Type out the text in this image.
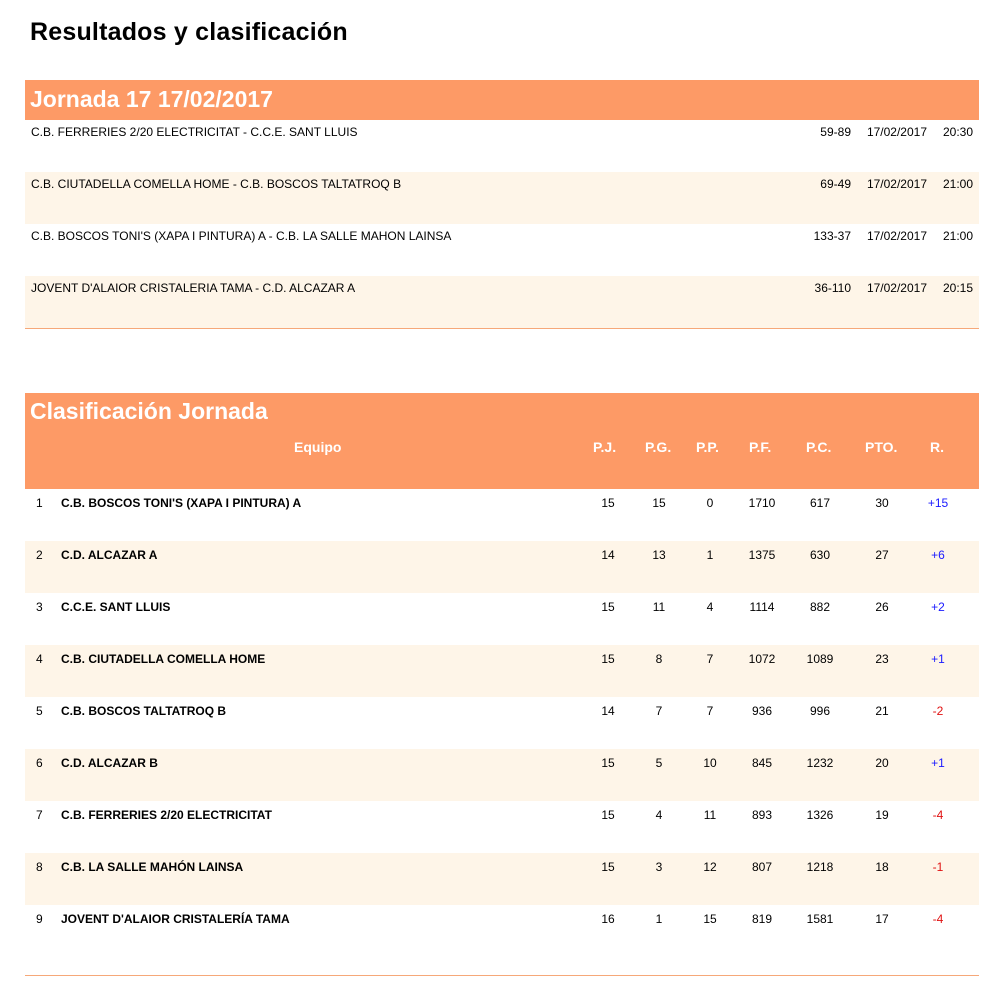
Resultados y clasificación
Jornada 17 17/02/2017
C.B. FERRERIES 2/20 ELECTRICITAT - C.C.E. SANT LLUIS	59-89 17/02/2017 20:30
C.B. CIUTADELLA COMELLA HOME - C.B. BOSCOS TALTATROQ B	69-49 17/02/2017 21:00
C.B. BOSCOS TONI'S (XAPA I PINTURA) A - C.B. LA SALLE MAHON LAINSA	133-37 17/02/2017 21:00
JOVENT D'ALAIOR CRISTALERIA TAMA - C.D. ALCAZAR A	36-110 17/02/2017 20:15
Clasificación Jornada
Equipo	P.J. P.G. P.P. P.F. P.C. PTO. R.
1 C.B. BOSCOS TONI'S (XAPA I PINTURA) A	15	15	0	1710	617	30	+15
2 C.D. ALCAZAR A	14	13	1	1375	630	27	+6
3 C.C.E. SANT LLUIS	15	11	4	1114	882	26	+2
4 C.B. CIUTADELLA COMELLA HOME	15	8	7	1072	1089	23	+1
5 C.B. BOSCOS TALTATROQ B	14	7	7	936	996	21	-2
6 C.D. ALCAZAR B	15	5	10	845	1232	20	+1
7 C.B. FERRERIES 2/20 ELECTRICITAT	15	4	11	893	1326	19	-4
8 C.B. LA SALLE MAHÓN LAINSA	15	3	12	807	1218	18	-1
9 JOVENT D'ALAIOR CRISTALERÍA TAMA	16	1	15	819	1581	17	-4
